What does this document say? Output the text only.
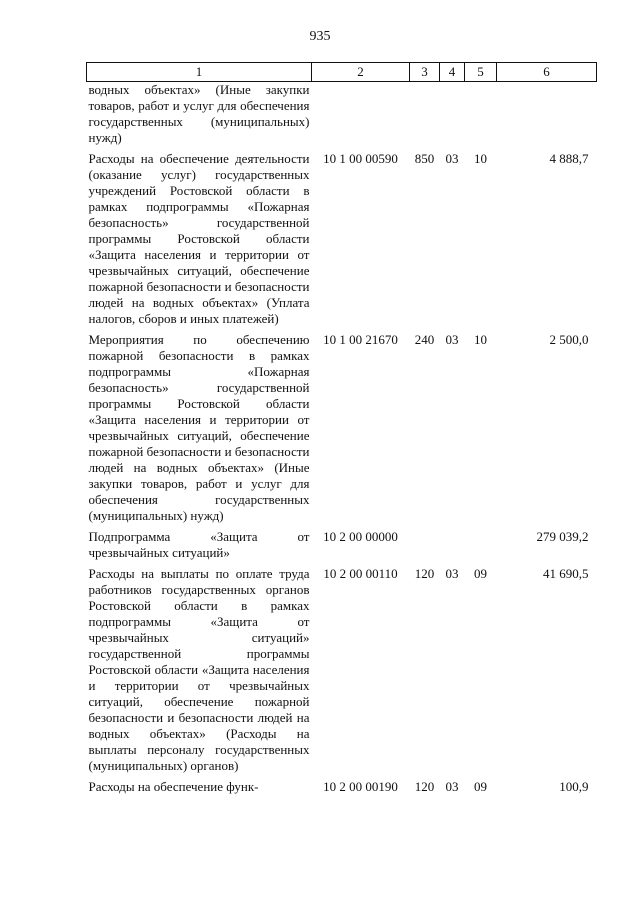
935
1	2	3	4	5	6
водных объектах» (Иные закупки товаров, работ и услуг для обеспечения государственных (муниципальных) нужд)					
Расходы на обеспечение деятельности (оказание услуг) государственных учреждений Ростовской области в рамках подпрограммы «Пожарная безопасность» государственной программы Ростовской области «Защита населения и территории от чрезвычайных ситуаций, обеспечение пожарной безопасности и безопасности людей на водных объектах» (Уплата налогов, сборов и иных платежей)	10 1 00 00590	850	03	10	4 888,7
Мероприятия по обеспечению пожарной безопасности в рамках подпрограммы «Пожарная безопасность» государственной программы Ростовской области «Защита населения и территории от чрезвычайных ситуаций, обеспечение пожарной безопасности и безопасности людей на водных объектах» (Иные закупки товаров, работ и услуг для обеспечения государственных (муниципальных) нужд)	10 1 00 21670	240	03	10	2 500,0
Подпрограмма «Защита от чрезвычайных ситуаций»	10 2 00 00000				279 039,2
Расходы на выплаты по оплате труда работников государственных органов Ростовской области в рамках подпрограммы «Защита от чрезвычайных ситуаций» государственной программы Ростовской области «Защита населения и территории от чрезвычайных ситуаций, обеспечение пожарной безопасности и безопасности людей на водных объектах» (Расходы на выплаты персоналу государственных (муниципальных) органов)	10 2 00 00110	120	03	09	41 690,5
Расходы на обеспечение функ-	10 2 00 00190	120	03	09	100,9
